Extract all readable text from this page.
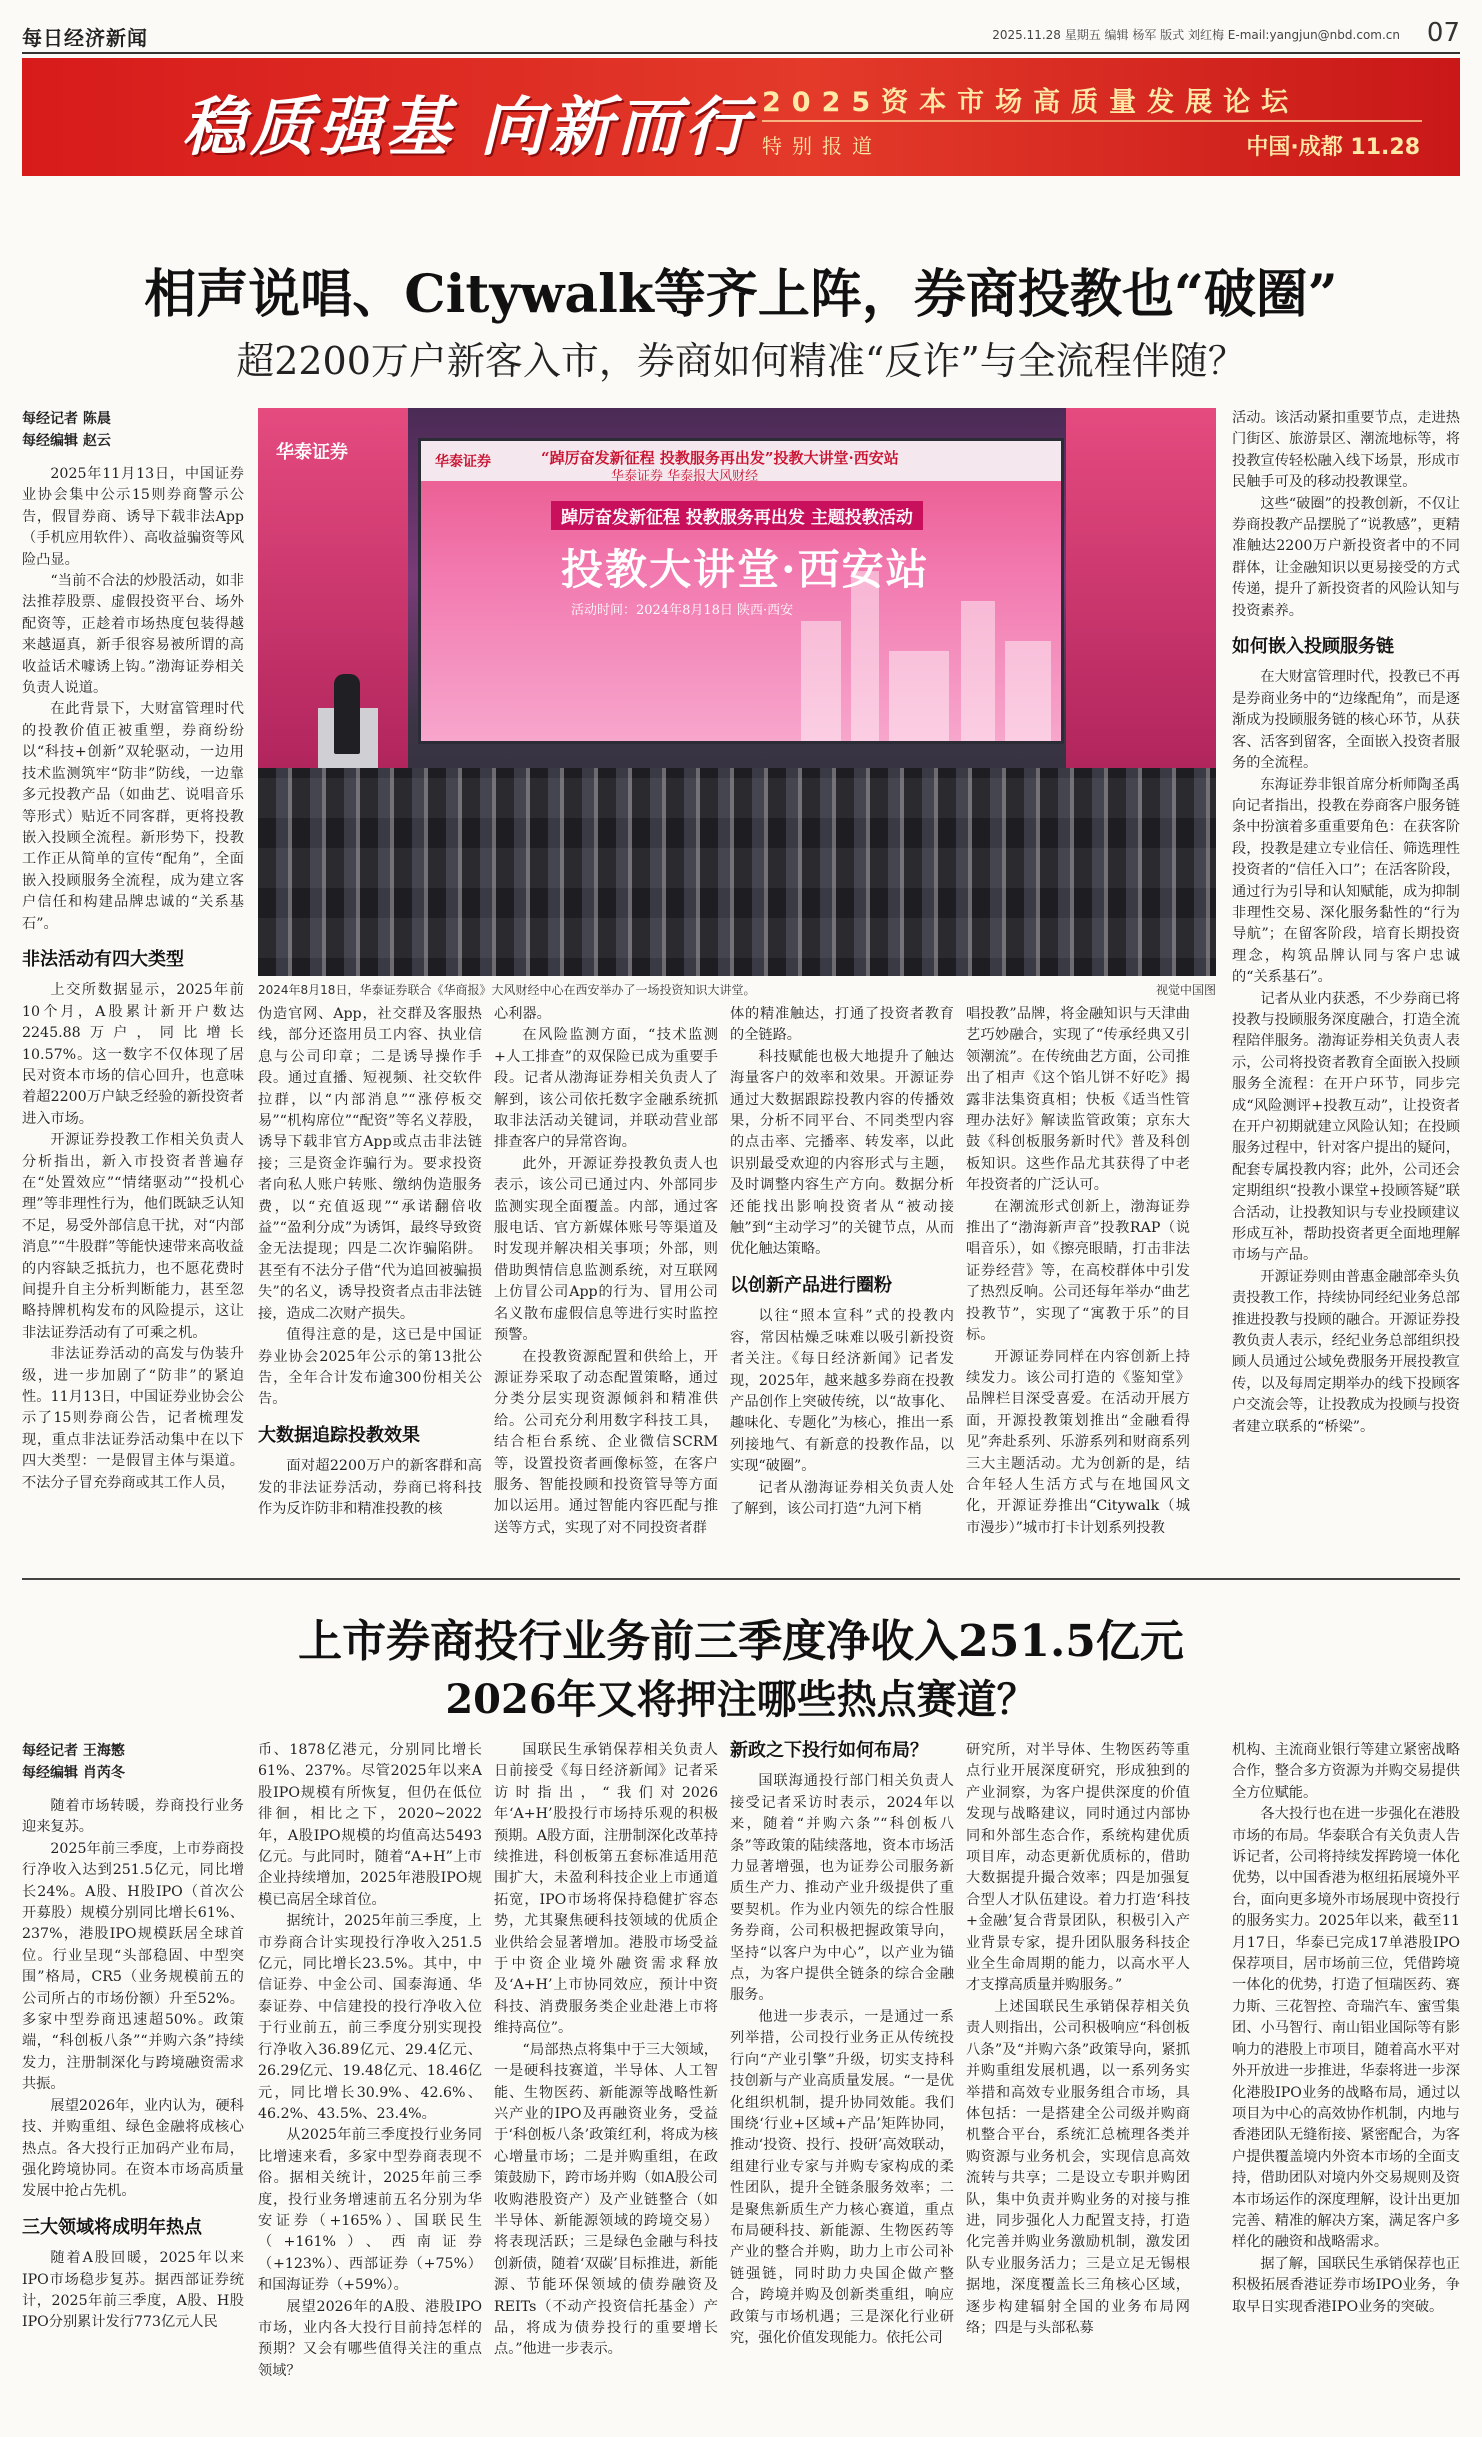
每日经济新闻	2025.11.28 星期五 编辑 杨军 版式 刘红梅 E-mail:yangjun@nbd.com.cn 07
稳质强基 向新而行 2025资本市场高质量发展论坛
特别报道	中国·成都 11.28
相声说唱、Citywalk等齐上阵，券商投教也“破圈”
超2200万户新客入市，券商如何精准“反诈”与全流程伴随？
每经记者 陈晨
每经编辑 赵云

2025年11月13日，中国证券业协会集中公示15则券商警示公告，假冒券商、诱导下载非法App（手机应用软件）、高收益骗资等风险凸显。

“当前不合法的炒股活动，如非法推荐股票、虚假投资平台、场外配资等，正趁着市场热度包装得越来越逼真，新手很容易被所谓的高收益话术噱诱上钩。”渤海证券相关负责人说道。

在此背景下，大财富管理时代的投教价值正被重塑，券商纷纷以“科技+创新”双轮驱动，一边用技术监测筑牢“防非”防线，一边靠多元投教产品（如曲艺、说唱音乐等形式）贴近不同客群，更将投教嵌入投顾全流程。新形势下，投教工作正从简单的宣传“配角”，全面嵌入投顾服务全流程，成为建立客户信任和构建品牌忠诚的“关系基石”。

非法活动有四大类型

上交所数据显示，2025年前10个月，A股累计新开户数达2245.88万户，同比增长10.57%。这一数字不仅体现了居民对资本市场的信心回升，也意味着超2200万户缺乏经验的新投资者进入市场。

开源证券投教工作相关负责人分析指出，新入市投资者普遍存在“处置效应”“情绪驱动”“投机心理”等非理性行为，他们既缺乏认知不足，易受外部信息干扰，对“内部消息”“牛股群”等能快速带来高收益的内容缺乏抵抗力，也不愿花费时间提升自主分析判断能力，甚至忽略持牌机构发布的风险提示，这让非法证券活动有了可乘之机。

非法证券活动的高发与伪装升级，进一步加剧了“防非”的紧迫性。11月13日，中国证券业协会公示了15则券商公告，记者梳理发现，重点非法证券活动集中在以下四大类型：一是假冒主体与渠道。不法分子冒充券商或其工作人员，

华泰证券	华泰证券	“踔厉奋发新征程 投教服务再出发”投教大讲堂·西安站
华泰证券 华泰报大风财经
踔厉奋发新征程 投教服务再出发 主题投教活动
投教大讲堂·西安站
活动时间：2024年8月18日 陕西·西安
2024年8月18日，华泰证券联合《华商报》大风财经中心在西安举办了一场投资知识大讲堂。	视觉中国图

伪造官网、App，社交群及客服热线，部分还盗用员工内容、执业信息与公司印章；二是诱导操作手段。通过直播、短视频、社交软件拉群，以“内部消息”“涨停板交易”“机构席位”“配资”等名义荐股，诱导下载非官方App或点击非法链接；三是资金诈骗行为。要求投资者向私人账户转账、缴纳伪造服务费，以“充值返现”“承诺翻倍收益”“盈利分成”为诱饵，最终导致资金无法提现；四是二次诈骗陷阱。甚至有不法分子借“代为追回被骗损失”的名义，诱导投资者点击非法链接，造成二次财产损失。

值得注意的是，这已是中国证券业协会2025年公示的第13批公告，全年合计发布逾300份相关公告。

大数据追踪投教效果

面对超2200万户的新客群和高发的非法证券活动，券商已将科技作为反诈防非和精准投教的核

心利器。

在风险监测方面，“技术监测+人工排查”的双保险已成为重要手段。记者从渤海证券相关负责人了解到，该公司依托数字金融系统抓取非法活动关键词，并联动营业部排查客户的异常咨询。

此外，开源证券投教负责人也表示，该公司已通过内、外部同步监测实现全面覆盖。内部，通过客服电话、官方新媒体账号等渠道及时发现并解决相关事项；外部，则借助舆情信息监测系统，对互联网上仿冒公司App的行为、冒用公司名义散布虚假信息等进行实时监控预警。

在投教资源配置和供给上，开源证券采取了动态配置策略，通过分类分层实现资源倾斜和精准供给。公司充分利用数字科技工具，结合柜台系统、企业微信SCRM等，设置投资者画像标签，在客户服务、智能投顾和投资管导等方面加以运用。通过智能内容匹配与推送等方式，实现了对不同投资者群

体的精准触达，打通了投资者教育的全链路。

科技赋能也极大地提升了触达海量客户的效率和效果。开源证券通过大数据跟踪投教内容的传播效果，分析不同平台、不同类型内容的点击率、完播率、转发率，以此识别最受欢迎的内容形式与主题，及时调整内容生产方向。数据分析还能找出影响投资者从“被动接触”到“主动学习”的关键节点，从而优化触达策略。

以创新产品进行圈粉

以往“照本宣科”式的投教内容，常因枯燥乏味难以吸引新投资者关注。《每日经济新闻》记者发现，2025年，越来越多券商在投教产品创作上突破传统，以“故事化、趣味化、专题化”为核心，推出一系列接地气、有新意的投教作品，以实现“破圈”。

记者从渤海证券相关负责人处了解到，该公司打造“九河下梢

唱投教”品牌，将金融知识与天津曲艺巧妙融合，实现了“传承经典又引领潮流”。在传统曲艺方面，公司推出了相声《这个馅儿饼不好吃》揭露非法集资真相；快板《适当性管理办法好》解读监管政策；京东大鼓《科创板服务新时代》普及科创板知识。这些作品尤其获得了中老年投资者的广泛认可。

在潮流形式创新上，渤海证券推出了“渤海新声音”投教RAP（说唱音乐），如《擦亮眼睛，打击非法证券经营》等，在高校群体中引发了热烈反响。公司还每年举办“曲艺投教节”，实现了“寓教于乐”的目标。

开源证券同样在内容创新上持续发力。该公司打造的《鉴知堂》品牌栏目深受喜爱。在活动开展方面，开源投教策划推出“金融看得见”奔赴系列、乐游系列和财商系列三大主题活动。尤为创新的是，结合年轻人生活方式与在地国风文化，开源证券推出“Citywalk（城市漫步）”城市打卡计划系列投教

活动。该活动紧扣重要节点，走进热门街区、旅游景区、潮流地标等，将投教宣传轻松融入线下场景，形成市民触手可及的移动投教课堂。

这些“破圈”的投教创新，不仅让券商投教产品摆脱了“说教感”，更精准触达2200万户新投资者中的不同群体，让金融知识以更易接受的方式传递，提升了新投资者的风险认知与投资素养。

如何嵌入投顾服务链

在大财富管理时代，投教已不再是券商业务中的“边缘配角”，而是逐渐成为投顾服务链的核心环节，从获客、活客到留客，全面嵌入投资者服务的全流程。

东海证券非银首席分析师陶圣禹向记者指出，投教在券商客户服务链条中扮演着多重重要角色：在获客阶段，投教是建立专业信任、筛选理性投资者的“信任入口”；在活客阶段，通过行为引导和认知赋能，成为抑制非理性交易、深化服务黏性的“行为导航”；在留客阶段，培育长期投资理念，构筑品牌认同与客户忠诚的“关系基石”。

记者从业内获悉，不少券商已将投教与投顾服务深度融合，打造全流程陪伴服务。渤海证券相关负责人表示，公司将投资者教育全面嵌入投顾服务全流程：在开户环节，同步完成“风险测评+投教互动”，让投资者在开户初期就建立风险认知；在投顾服务过程中，针对客户提出的疑问，配套专属投教内容；此外，公司还会定期组织“投教小课堂+投顾答疑”联合活动，让投教知识与专业投顾建议形成互补，帮助投资者更全面地理解市场与产品。

开源证券则由普惠金融部牵头负责投教工作，持续协同经纪业务总部推进投教与投顾的融合。开源证券投教负责人表示，经纪业务总部组织投顾人员通过公域免费服务开展投教宣传，以及每周定期举办的线下投顾客户交流会等，让投教成为投顾与投资者建立联系的“桥梁”。

上市券商投行业务前三季度净收入251.5亿元
2026年又将押注哪些热点赛道？
每经记者 王海慜
每经编辑 肖芮冬

随着市场转暖，券商投行业务迎来复苏。

2025年前三季度，上市券商投行净收入达到251.5亿元，同比增长24%。A股、H股IPO（首次公开募股）规模分别同比增长61%、237%，港股IPO规模跃居全球首位。行业呈现“头部稳固、中型突围”格局，CR5（业务规模前五的公司所占的市场份额）升至52%。多家中型券商迅速超50%。政策端，“科创板八条”“并购六条”持续发力，注册制深化与跨境融资需求共振。

展望2026年，业内认为，硬科技、并购重组、绿色金融将成核心热点。各大投行正加码产业布局，强化跨境协同。在资本市场高质量发展中抢占先机。

三大领域将成明年热点

随着A股回暖，2025年以来IPO市场稳步复苏。据西部证券统计，2025年前三季度，A股、H股IPO分别累计发行773亿元人民

币、1878亿港元，分别同比增长61%、237%。尽管2025年以来A股IPO规模有所恢复，但仍在低位徘徊，相比之下，2020~2022年，A股IPO规模的均值高达5493亿元。与此同时，随着“A+H”上市企业持续增加，2025年港股IPO规模已高居全球首位。

据统计，2025年前三季度，上市券商合计实现投行净收入251.5亿元，同比增长23.5%。其中，中信证券、中金公司、国泰海通、华泰证券、中信建投的投行净收入位于行业前五，前三季度分别实现投行净收入36.89亿元、29.4亿元、26.29亿元、19.48亿元、18.46亿元，同比增长30.9%、42.6%、46.2%、43.5%、23.4%。

从2025年前三季度投行业务同比增速来看，多家中型券商表现不俗。据相关统计，2025年前三季度，投行业务增速前五名分别为华安证券（+165%）、国联民生（+161%）、西南证券（+123%）、西部证券（+75%）和国海证券（+59%）。

展望2026年的A股、港股IPO市场，业内各大投行目前持怎样的预期？又会有哪些值得关注的重点领域？

国联民生承销保荐相关负责人日前接受《每日经济新闻》记者采访时指出，“我们对2026年‘A+H’股投行市场持乐观的积极预期。A股方面，注册制深化改革持续推进，科创板第五套标准适用范围扩大，未盈利科技企业上市通道拓宽，IPO市场将保持稳健扩容态势，尤其聚焦硬科技领域的优质企业供给会显著增加。港股市场受益于中资企业境外融资需求释放及‘A+H’上市协同效应，预计中资科技、消费服务类企业赴港上市将维持高位”。

“局部热点将集中于三大领域，一是硬科技赛道，半导体、人工智能、生物医药、新能源等战略性新兴产业的IPO及再融资业务，受益于‘科创板八条’政策红利，将成为核心增量市场；二是并购重组，在政策鼓励下，跨市场并购（如A股公司收购港股资产）及产业链整合（如半导体、新能源领域的跨境交易）将表现活跃；三是绿色金融与科技创新债，随着‘双碳’目标推进，新能源、节能环保领域的债券融资及REITs（不动产投资信托基金）产品，将成为债券投行的重要增长点。”他进一步表示。

新政之下投行如何布局？

国联海通投行部门相关负责人接受记者采访时表示，2024年以来，随着“并购六条”“科创板八条”等政策的陆续落地，资本市场活力显著增强，也为证券公司服务新质生产力、推动产业升级提供了重要契机。作为业内领先的综合性服务券商，公司积极把握政策导向，坚持“以客户为中心”，以产业为锚点，为客户提供全链条的综合金融服务。

他进一步表示，一是通过一系列举措，公司投行业务正从传统投行向“产业引擎”升级，切实支持科技创新与产业高质量发展。“一是优化组织机制，提升协同效能。我们围绕‘行业+区域+产品’矩阵协同，推动‘投资、投行、投研’高效联动，组建行业专家与并购专家构成的柔性团队，提升全链条服务效率；二是聚焦新质生产力核心赛道，重点布局硬科技、新能源、生物医药等产业的整合并购，助力上市公司补链强链，同时助力央国企做产整合，跨境并购及创新类重组，响应政策与市场机遇；三是深化行业研究，强化价值发现能力。依托公司

研究所，对半导体、生物医药等重点行业开展深度研究，形成独到的产业洞察，为客户提供深度的价值发现与战略建议，同时通过内部协同和外部生态合作，系统构建优质项目库，动态更新优质标的，借助大数据提升撮合效率；四是加强复合型人才队伍建设。着力打造‘科技+金融’复合背景团队，积极引入产业背景专家，提升团队服务科技企业全生命周期的能力，以高水平人才支撑高质量并购服务。”

上述国联民生承销保荐相关负责人则指出，公司积极响应“科创板八条”及“并购六条”政策导向，紧抓并购重组发展机遇，以一系列务实举措和高效专业服务组合市场，具体包括：一是搭建全公司级并购商机整合平台，系统汇总梳理各类并购资源与业务机会，实现信息高效流转与共享；二是设立专职并购团队，集中负责并购业务的对接与推进，同步强化人力配置支持，打造化完善并购业务激励机制，激发团队专业服务活力；三是立足无锡根据地，深度覆盖长三角核心区域，逐步构建辐射全国的业务布局网络；四是与头部私募

机构、主流商业银行等建立紧密战略合作，整合多方资源为并购交易提供全方位赋能。

各大投行也在进一步强化在港股市场的布局。华泰联合有关负责人告诉记者，公司将持续发挥跨境一体化优势，以中国香港为枢纽拓展境外平台，面向更多境外市场展现中资投行的服务实力。2025年以来，截至11月17日，华泰已完成17单港股IPO保荐项目，居市场前三位，凭借跨境一体化的优势，打造了恒瑞医药、赛力斯、三花智控、奇瑞汽车、蜜雪集团、小马智行、南山铝业国际等有影响力的港股上市项目，随着高水平对外开放进一步推进，华泰将进一步深化港股IPO业务的战略布局，通过以项目为中心的高效协作机制，内地与香港团队无缝衔接、紧密配合，为客户提供覆盖境内外资本市场的全面支持，借助团队对境内外交易规则及资本市场运作的深度理解，设计出更加完善、精准的解决方案，满足客户多样化的融资和战略需求。

据了解，国联民生承销保荐也正积极拓展香港证券市场IPO业务，争取早日实现香港IPO业务的突破。
